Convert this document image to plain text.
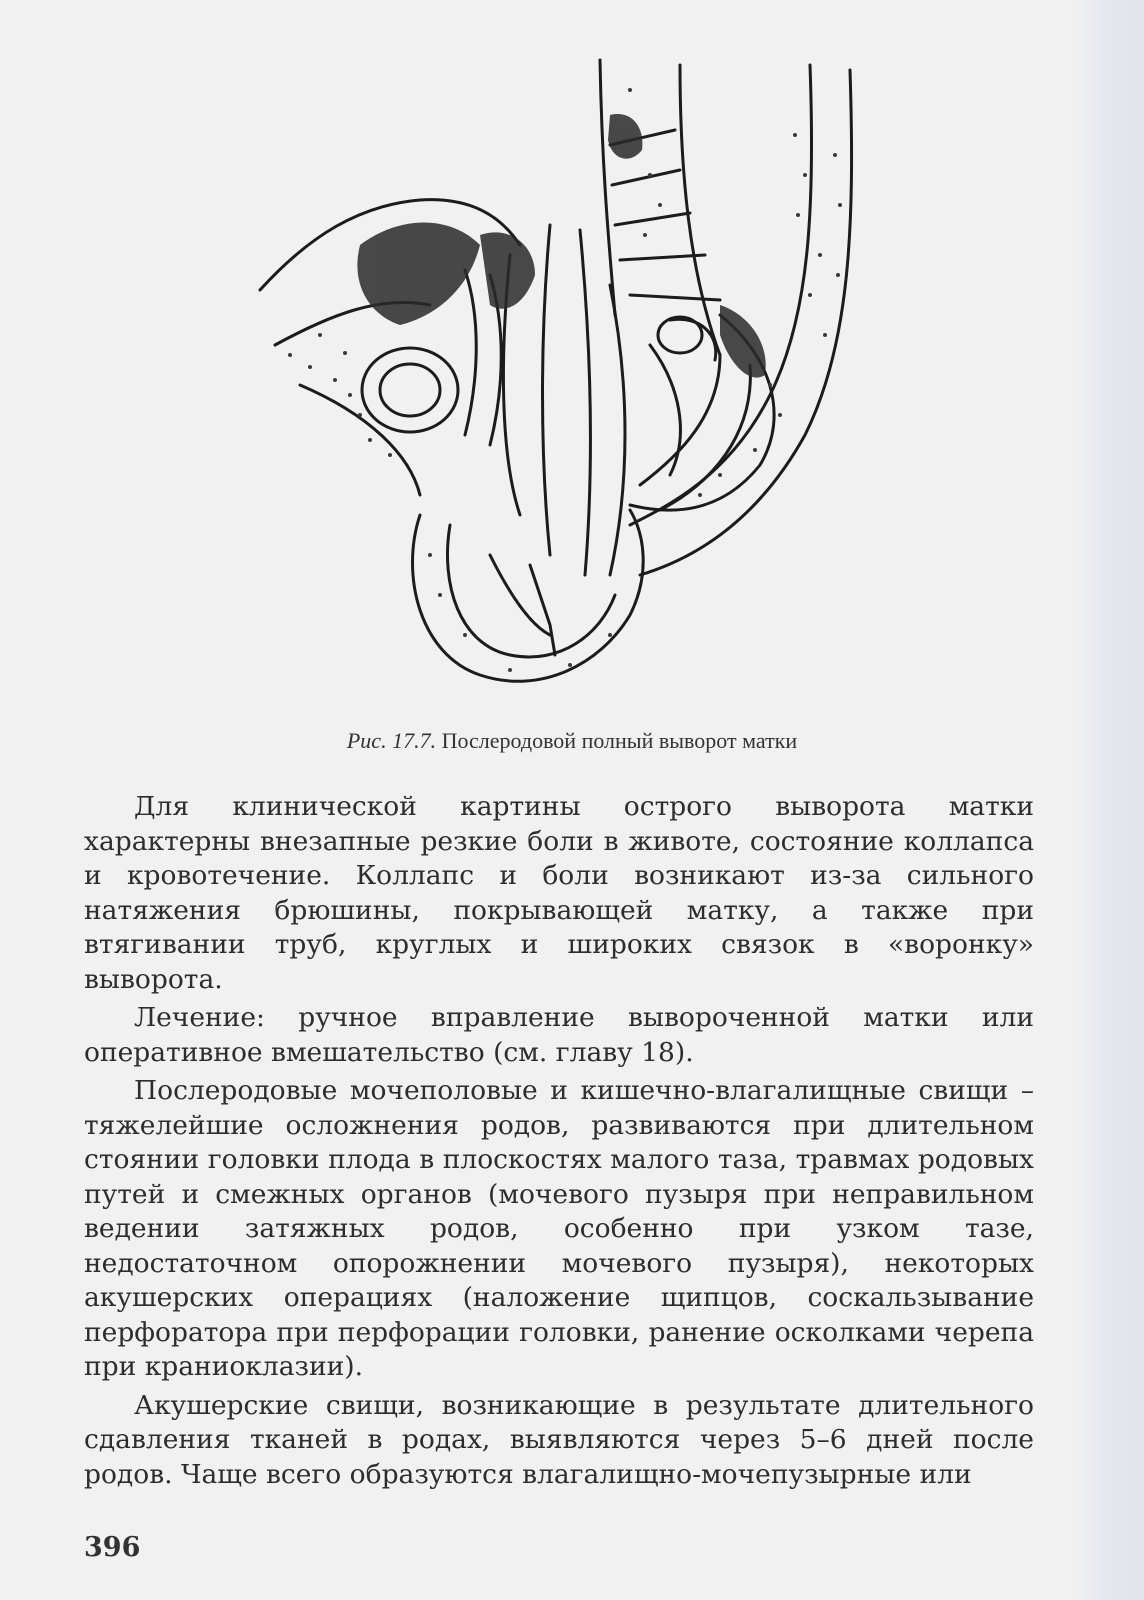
Рис. 17.7. Послеродовой полный выворот матки

Для клинической картины острого выворота матки характерны внезапные резкие боли в животе, состояние коллапса и кровотечение. Коллапс и боли возникают из-за сильного натяжения брюшины, покрывающей матку, а также при втягивании труб, круглых и широких связок в «воронку» выворота.

Лечение: ручное вправление вывороченной матки или оперативное вмешательство (см. главу 18).

Послеродовые мочеполовые и кишечно-влагалищные свищи – тяжелейшие осложнения родов, развиваются при длительном стоянии головки плода в плоскостях малого таза, травмах родовых путей и смежных органов (мочевого пузыря при неправильном ведении затяжных родов, особенно при узком тазе, недостаточном опорожнении мочевого пузыря), некоторых акушерских операциях (наложение щипцов, соскальзывание перфоратора при перфорации головки, ранение осколками черепа при краниоклазии).

Акушерские свищи, возникающие в результате длительного сдавления тканей в родах, выявляются через 5–6 дней после родов. Чаще всего образуются влагалищно-мочепузырные или

396
